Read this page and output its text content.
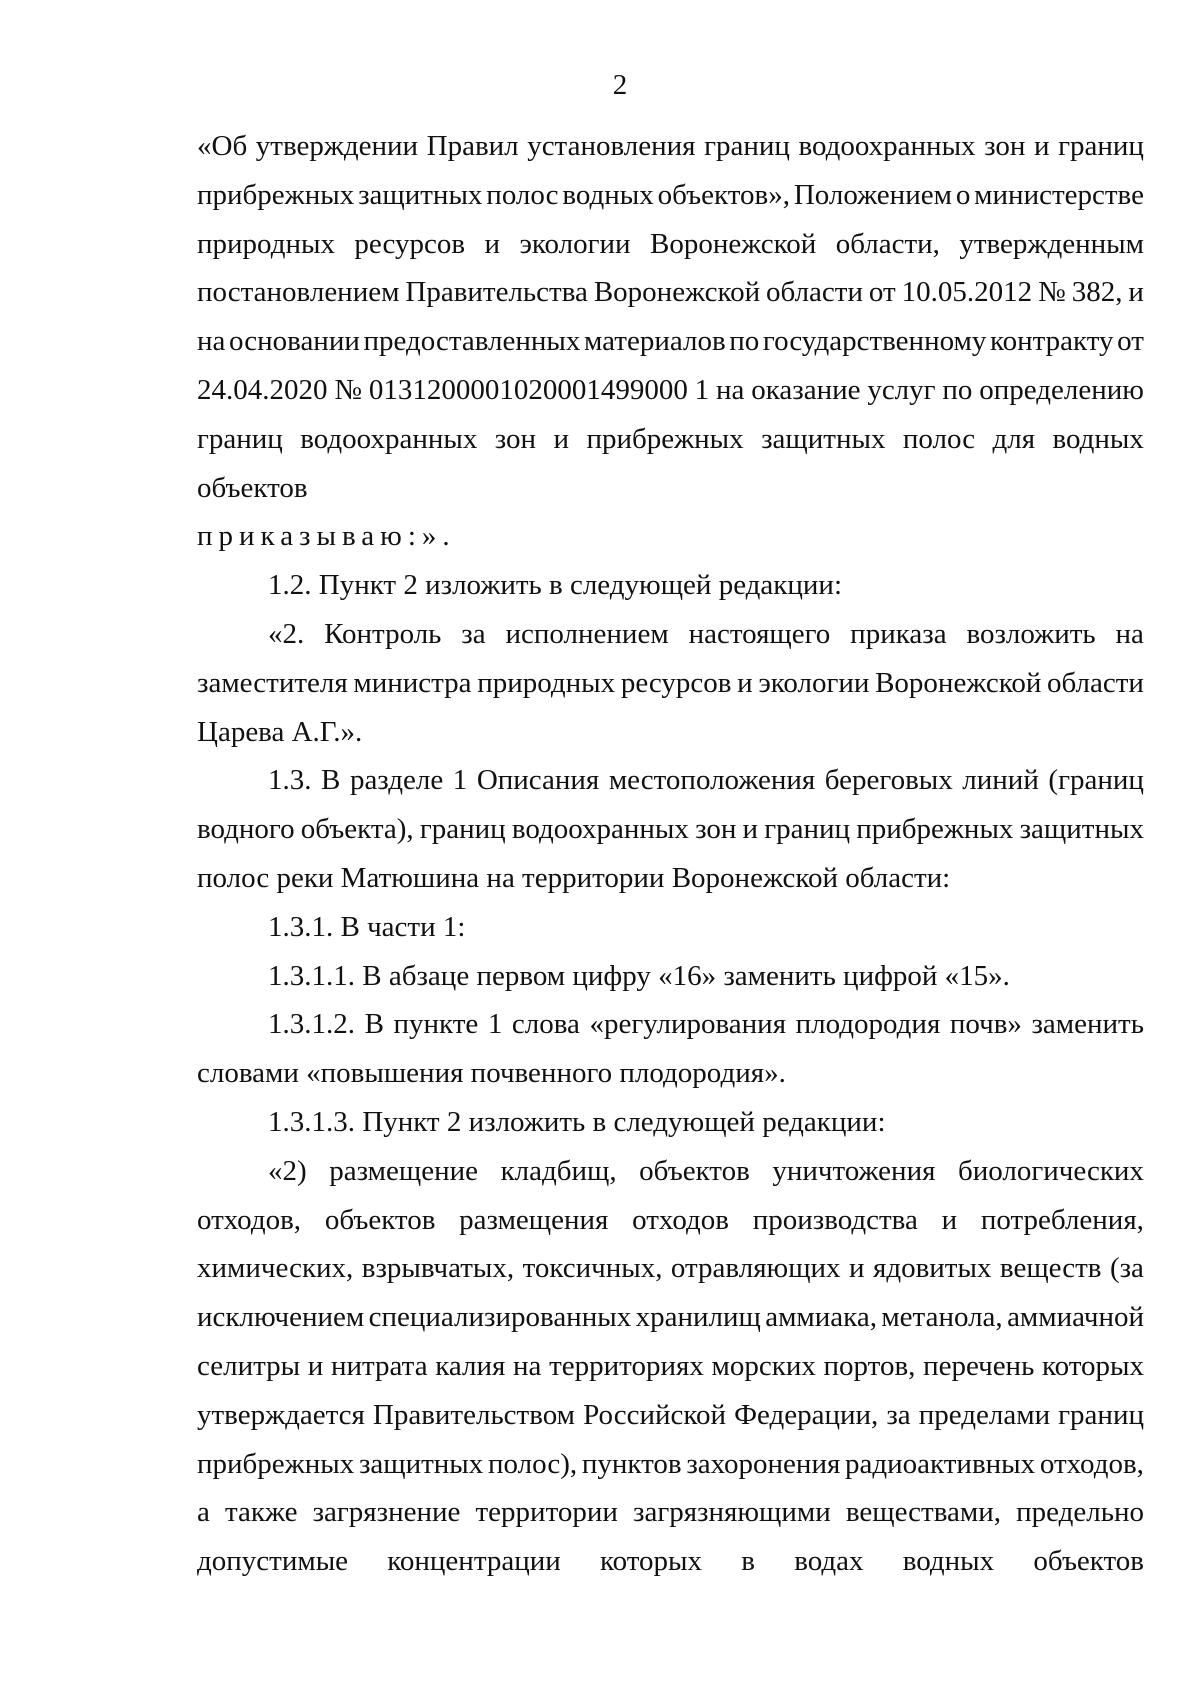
2
«Об утверждении Правил установления границ водоохранных зон и границ
прибрежных защитных полос водных объектов», Положением о министерстве
природных ресурсов и экологии Воронежской области, утвержденным
постановлением Правительства Воронежской области от 10.05.2012 № 382, и
на основании предоставленных материалов по государственному контракту от
24.04.2020 № 0131200001020001499000 1 на оказание услуг по определению
границ водоохранных зон и прибрежных защитных полос для водных
объектов
приказываю:».
1.2. Пункт 2 изложить в следующей редакции:
«2. Контроль за исполнением настоящего приказа возложить на
заместителя министра природных ресурсов и экологии Воронежской области
Царева А.Г.».
1.3. В разделе 1 Описания местоположения береговых линий (границ
водного объекта), границ водоохранных зон и границ прибрежных защитных
полос реки Матюшина на территории Воронежской области:
1.3.1. В части 1:
1.3.1.1. В абзаце первом цифру «16» заменить цифрой «15».
1.3.1.2. В пункте 1 слова «регулирования плодородия почв» заменить
словами «повышения почвенного плодородия».
1.3.1.3. Пункт 2 изложить в следующей редакции:
«2) размещение кладбищ, объектов уничтожения биологических
отходов, объектов размещения отходов производства и потребления,
химических, взрывчатых, токсичных, отравляющих и ядовитых веществ (за
исключением специализированных хранилищ аммиака, метанола, аммиачной
селитры и нитрата калия на территориях морских портов, перечень которых
утверждается Правительством Российской Федерации, за пределами границ
прибрежных защитных полос), пунктов захоронения радиоактивных отходов,
а также загрязнение территории загрязняющими веществами, предельно
допустимые концентрации которых в водах водных объектов
